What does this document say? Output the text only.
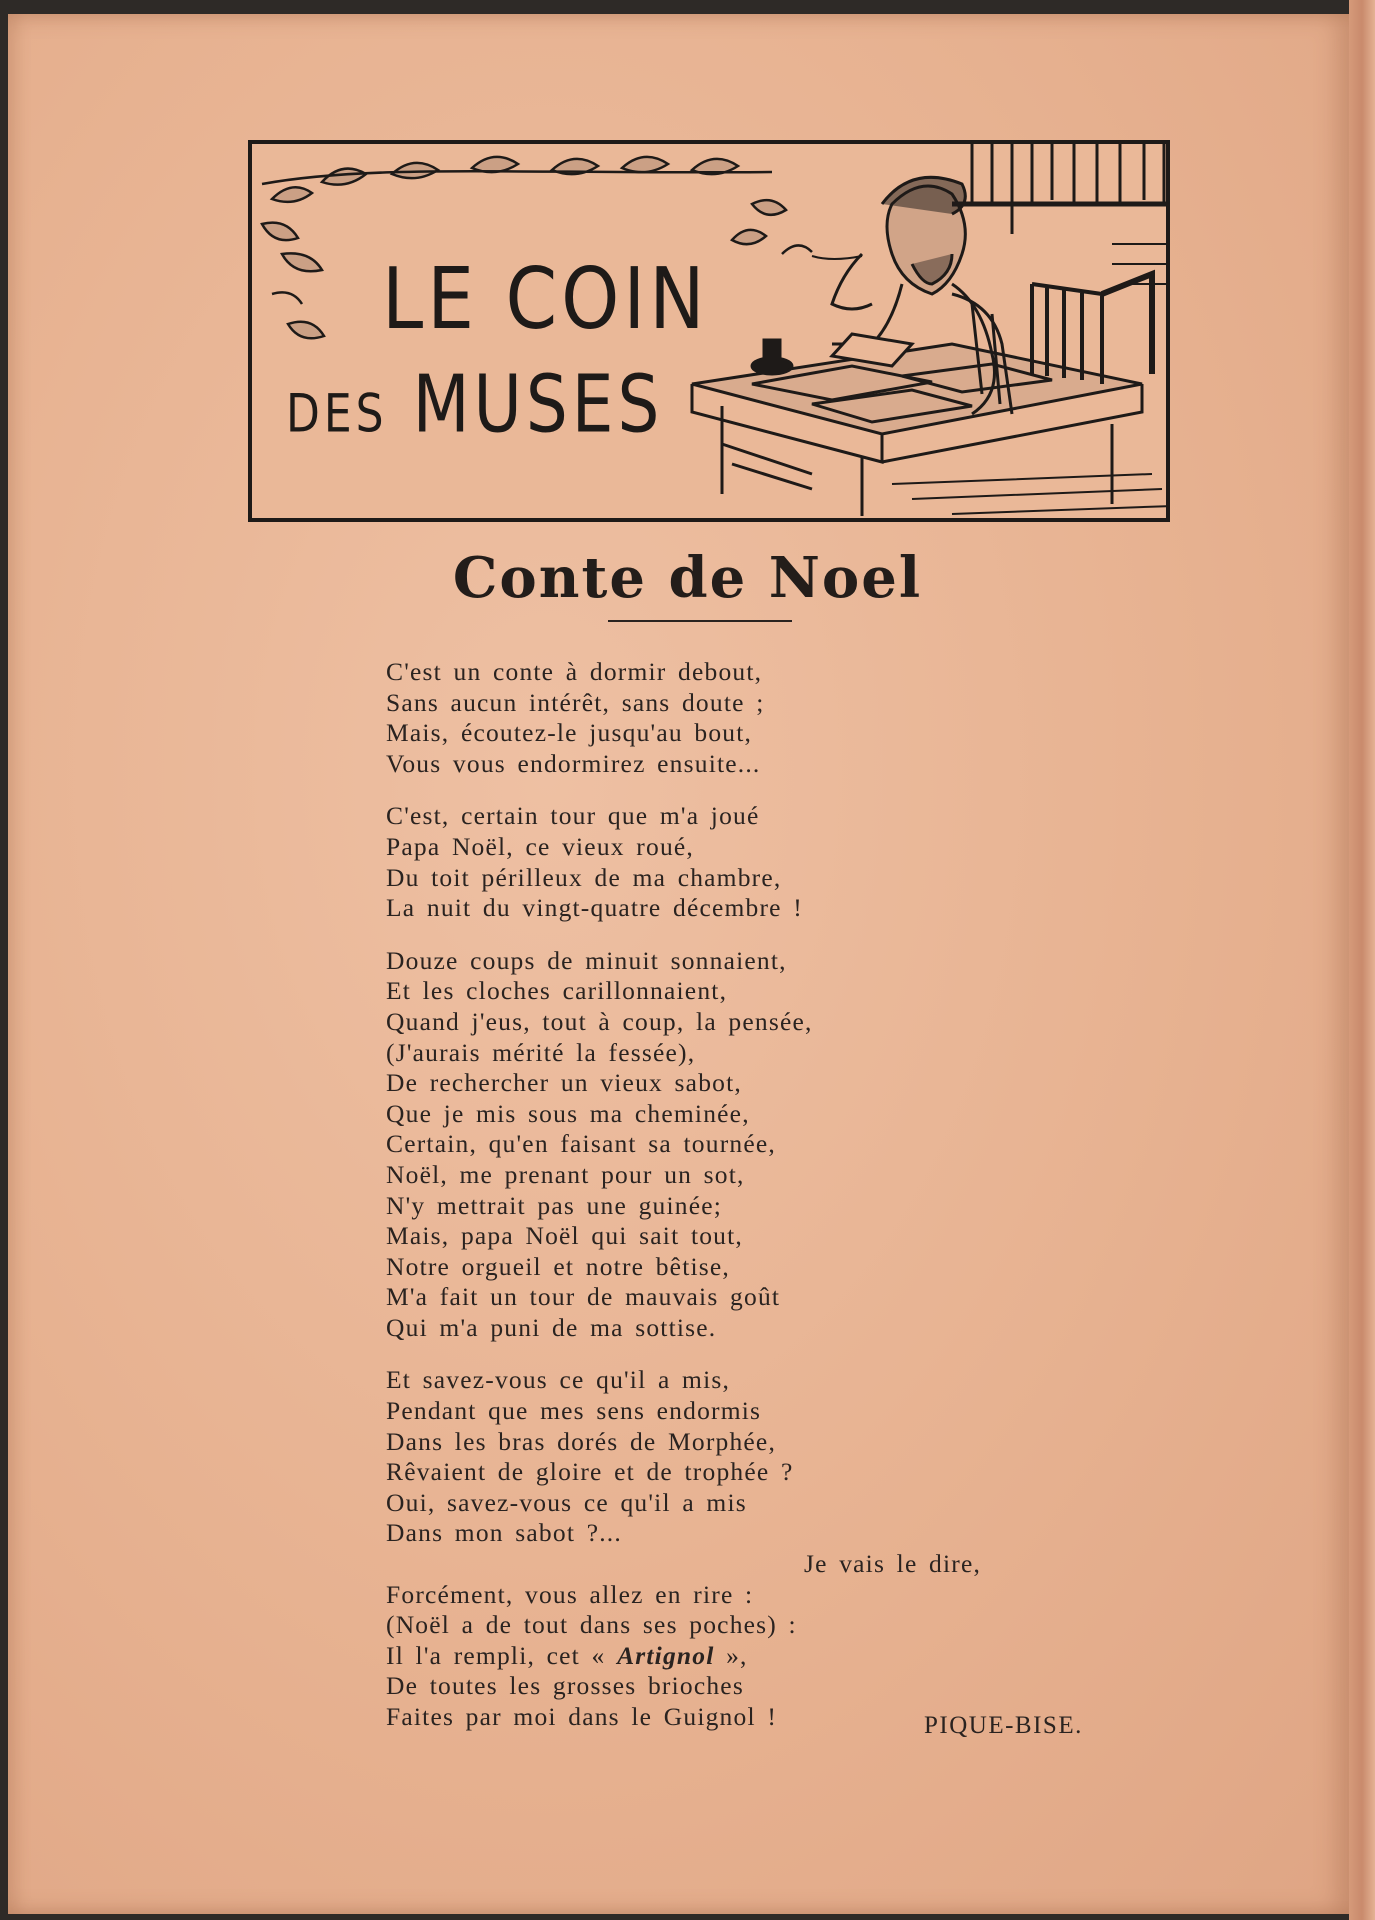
LE COIN
DES MUSES
Conte de Noel
C'est un conte à dormir debout,
Sans aucun intérêt, sans doute ;
Mais, écoutez-le jusqu'au bout,
Vous vous endormirez ensuite...
C'est, certain tour que m'a joué
Papa Noël, ce vieux roué,
Du toit périlleux de ma chambre,
La nuit du vingt-quatre décembre !
Douze coups de minuit sonnaient,
Et les cloches carillonnaient,
Quand j'eus, tout à coup, la pensée,
(J'aurais mérité la fessée),
De rechercher un vieux sabot,
Que je mis sous ma cheminée,
Certain, qu'en faisant sa tournée,
Noël, me prenant pour un sot,
N'y mettrait pas une guinée;
Mais, papa Noël qui sait tout,
Notre orgueil et notre bêtise,
M'a fait un tour de mauvais goût
Qui m'a puni de ma sottise.
Et savez-vous ce qu'il a mis,
Pendant que mes sens endormis
Dans les bras dorés de Morphée,
Rêvaient de gloire et de trophée ?
Oui, savez-vous ce qu'il a mis
Dans mon sabot ?...
Je vais le dire,
Forcément, vous allez en rire :
(Noël a de tout dans ses poches) :
Il l'a rempli, cet « Artignol »,
De toutes les grosses brioches
Faites par moi dans le Guignol !	PIQUE-BISE.
